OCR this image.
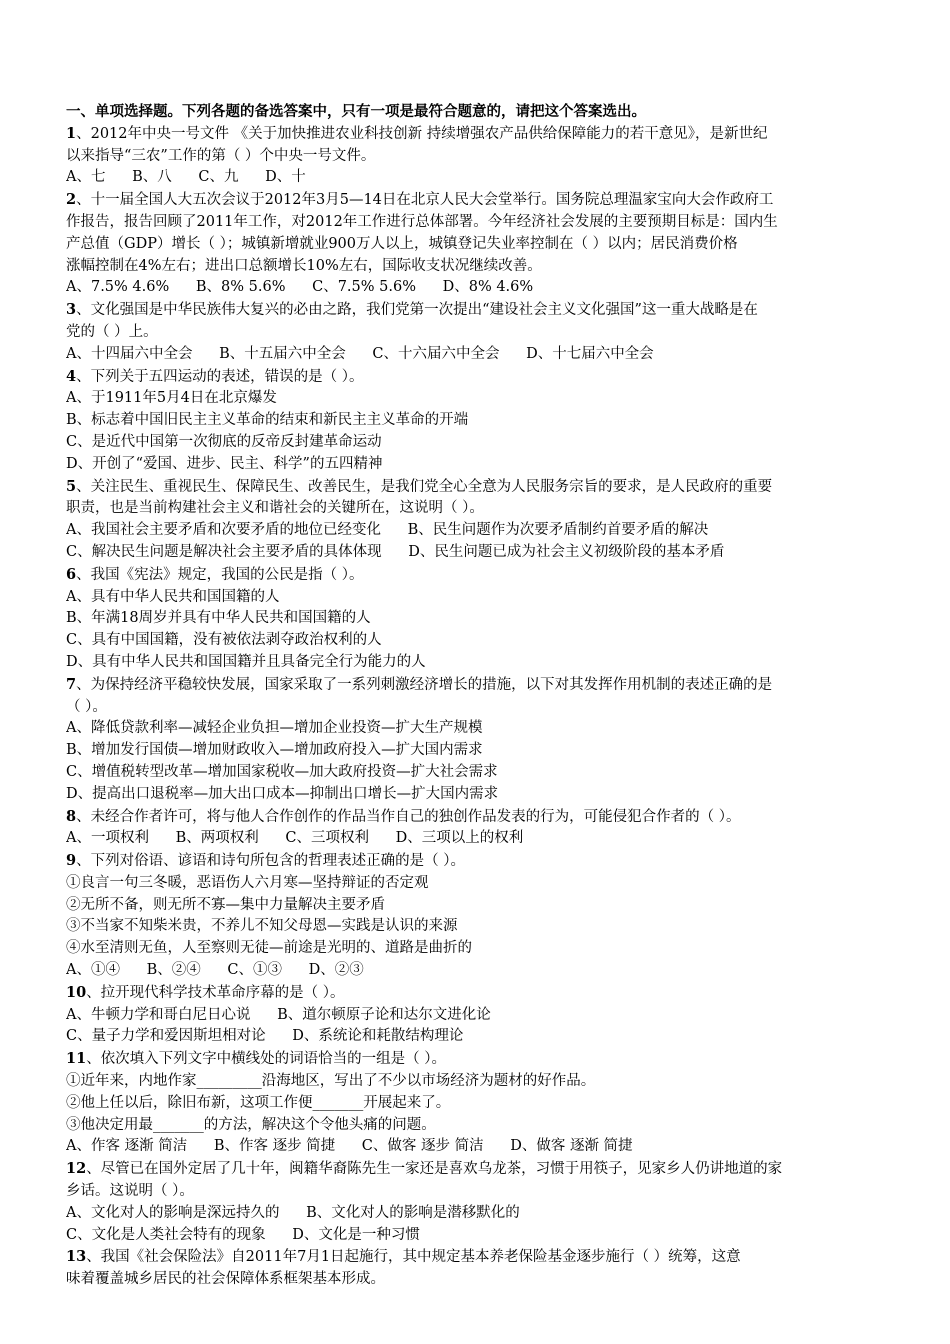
一、单项选择题。下列各题的备选答案中，只有一项是最符合题意的，请把这个答案选出。
1、2012年中央一号文件 《关于加快推进农业科技创新 持续增强农产品供给保障能力的若干意见》，是新世纪
以来指导“三农”工作的第（ ）个中央一号文件。
A、七 B、八 C、九 D、十
2、十一届全国人大五次会议于2012年3月5—14日在北京人民大会堂举行。国务院总理温家宝向大会作政府工
作报告，报告回顾了2011年工作，对2012年工作进行总体部署。今年经济社会发展的主要预期目标是：国内生
产总值（GDP）增长（ ）；城镇新增就业900万人以上，城镇登记失业率控制在（ ）以内；居民消费价格
涨幅控制在4%左右；进出口总额增长10%左右，国际收支状况继续改善。
A、7.5% 4.6% B、8% 5.6% C、7.5% 5.6% D、8% 4.6%
3、文化强国是中华民族伟大复兴的必由之路，我们党第一次提出“建设社会主义文化强国”这一重大战略是在
党的（ ）上。
A、十四届六中全会 B、十五届六中全会 C、十六届六中全会 D、十七届六中全会
4、下列关于五四运动的表述，错误的是（ ）。
A、于1911年5月4日在北京爆发
B、标志着中国旧民主主义革命的结束和新民主主义革命的开端
C、是近代中国第一次彻底的反帝反封建革命运动
D、开创了“爱国、进步、民主、科学”的五四精神
5、关注民生、重视民生、保障民生、改善民生，是我们党全心全意为人民服务宗旨的要求，是人民政府的重要
职责，也是当前构建社会主义和谐社会的关键所在，这说明（ ）。
A、我国社会主要矛盾和次要矛盾的地位已经变化 B、民生问题作为次要矛盾制约首要矛盾的解决
C、解决民生问题是解决社会主要矛盾的具体体现 D、民生问题已成为社会主义初级阶段的基本矛盾
6、我国《宪法》规定，我国的公民是指（ ）。
A、具有中华人民共和国国籍的人
B、年满18周岁并具有中华人民共和国国籍的人
C、具有中国国籍，没有被依法剥夺政治权利的人
D、具有中华人民共和国国籍并且具备完全行为能力的人
7、为保持经济平稳较快发展，国家采取了一系列刺激经济增长的措施，以下对其发挥作用机制的表述正确的是
（ ）。
A、降低贷款利率—减轻企业负担—增加企业投资—扩大生产规模
B、增加发行国债—增加财政收入—增加政府投入—扩大国内需求
C、增值税转型改革—增加国家税收—加大政府投资—扩大社会需求
D、提高出口退税率—加大出口成本—抑制出口增长—扩大国内需求
8、未经合作者许可，将与他人合作创作的作品当作自己的独创作品发表的行为，可能侵犯合作者的（ ）。
A、一项权利 B、两项权利 C、三项权利 D、三项以上的权利
9、下列对俗语、谚语和诗句所包含的哲理表述正确的是（ ）。
①良言一句三冬暖，恶语伤人六月寒—坚持辩证的否定观
②无所不备，则无所不寡—集中力量解决主要矛盾
③不当家不知柴米贵，不养儿不知父母恩—实践是认识的来源
④水至清则无鱼，人至察则无徒—前途是光明的、道路是曲折的
A、①④ B、②④ C、①③ D、②③
10、拉开现代科学技术革命序幕的是（ ）。
A、牛顿力学和哥白尼日心说 B、道尔顿原子论和达尔文进化论
C、量子力学和爱因斯坦相对论 D、系统论和耗散结构理论
11、依次填入下列文字中横线处的词语恰当的一组是（ ）。
①近年来，内地作家_________沿海地区，写出了不少以市场经济为题材的好作品。
②他上任以后，除旧布新，这项工作便_______开展起来了。
③他决定用最_______的方法，解决这个令他头痛的问题。
A、作客 逐渐 简洁 B、作客 逐步 简捷 C、做客 逐步 简洁 D、做客 逐渐 简捷
12、尽管已在国外定居了几十年，闽籍华裔陈先生一家还是喜欢乌龙茶，习惯于用筷子，见家乡人仍讲地道的家
乡话。这说明（ ）。
A、文化对人的影响是深远持久的 B、文化对人的影响是潜移默化的
C、文化是人类社会特有的现象 D、文化是一种习惯
13、我国《社会保险法》自2011年7月1日起施行，其中规定基本养老保险基金逐步施行（ ）统筹，这意
味着覆盖城乡居民的社会保障体系框架基本形成。
